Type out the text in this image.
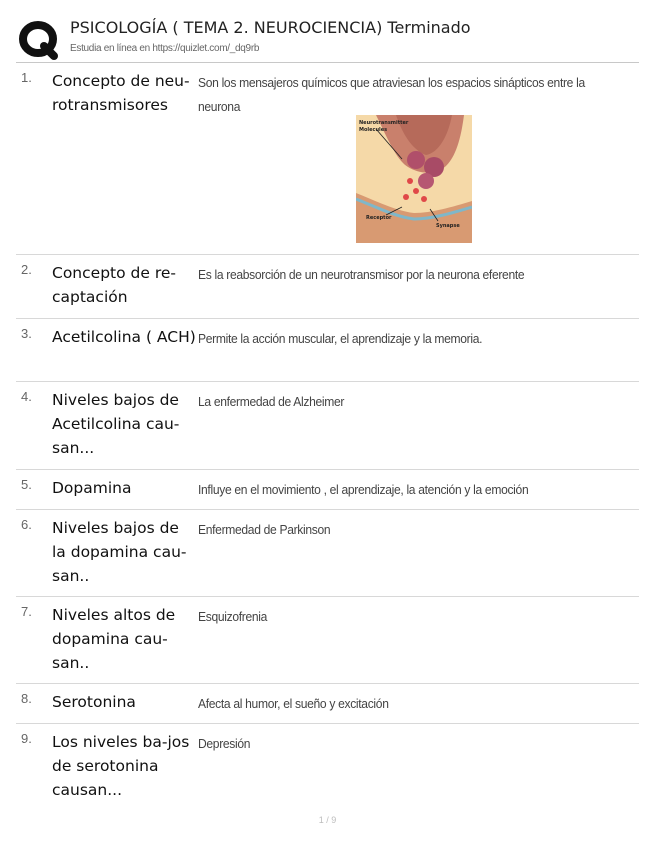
PSICOLOGÍA ( TEMA 2. NEUROCIENCIA) Terminado
Estudia en línea en https://quizlet.com/_dq9rb
1. Concepto de neu-rotransmisores
Son los mensajeros químicos que atraviesan los espacios sinápticos entre la neurona
Neurotransmitter
Molecules
Receptor
Synapse
2. Concepto de re-captación
Es la reabsorción de un neurotransmisor por la neurona eferente
3. Acetilcolina ( ACH) Permite la acción muscular, el aprendizaje y la memoria.
4. Niveles bajos de Acetilcolina cau-san...
La enfermedad de Alzheimer
5. Dopamina	Influye en el movimiento , el aprendizaje, la atención y la emoción
6. Niveles bajos de la dopamina cau-san..
Enfermedad de Parkinson
7. Niveles altos de dopamina cau-san..
Esquizofrenia
8. Serotonina	Afecta al humor, el sueño y excitación
9. Los niveles ba-jos de serotonina causan...
Depresión
1 / 9
